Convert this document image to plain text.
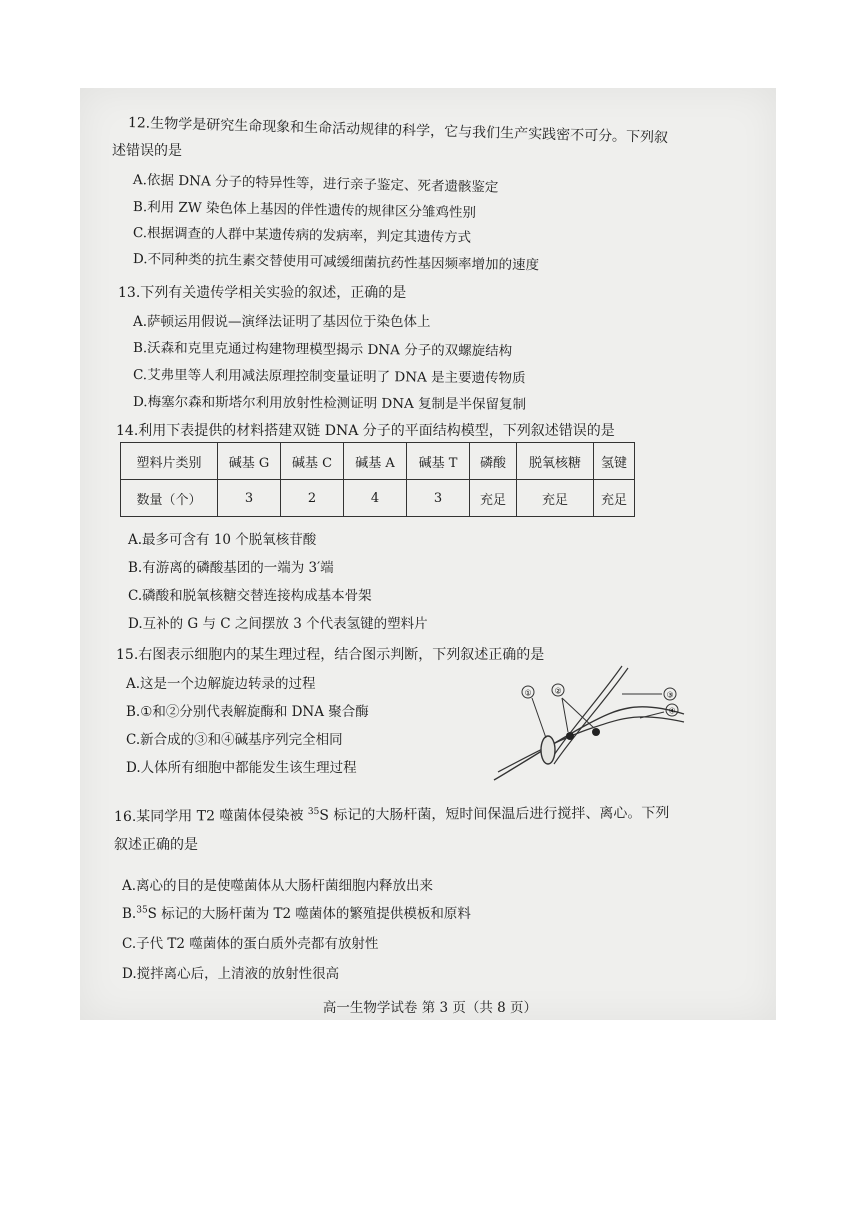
12.生物学是研究生命现象和生命活动规律的科学，它与我们生产实践密不可分。下列叙
述错误的是
A.依据 DNA 分子的特异性等，进行亲子鉴定、死者遗骸鉴定
B.利用 ZW 染色体上基因的伴性遗传的规律区分雏鸡性别
C.根据调查的人群中某遗传病的发病率，判定其遗传方式
D.不同种类的抗生素交替使用可减缓细菌抗药性基因频率增加的速度
13.下列有关遗传学相关实验的叙述，正确的是
A.萨顿运用假说—演绎法证明了基因位于染色体上
B.沃森和克里克通过构建物理模型揭示 DNA 分子的双螺旋结构
C.艾弗里等人利用减法原理控制变量证明了 DNA 是主要遗传物质
D.梅塞尔森和斯塔尔利用放射性检测证明 DNA 复制是半保留复制
14.利用下表提供的材料搭建双链 DNA 分子的平面结构模型，下列叙述错误的是
塑料片类别	碱基 G	碱基 C	碱基 A	碱基 T	磷酸	脱氧核糖	氢键
数量（个）	3	2	4	3	充足	充足	充足
A.最多可含有 10 个脱氧核苷酸
B.有游离的磷酸基团的一端为 3′端
C.磷酸和脱氧核糖交替连接构成基本骨架
D.互补的 G 与 C 之间摆放 3 个代表氢键的塑料片
15.右图表示细胞内的某生理过程，结合图示判断，下列叙述正确的是
A.这是一个边解旋边转录的过程
B.①和②分别代表解旋酶和 DNA 聚合酶
C.新合成的③和④碱基序列完全相同
D.人体所有细胞中都能发生该生理过程
①	②	③
④
16.某同学用 T2 噬菌体侵染被 $^{35}$S 标记的大肠杆菌，短时间保温后进行搅拌、离心。下列
叙述正确的是
A.离心的目的是使噬菌体从大肠杆菌细胞内释放出来
B.$^{35}$S 标记的大肠杆菌为 T2 噬菌体的繁殖提供模板和原料
C.子代 T2 噬菌体的蛋白质外壳都有放射性
D.搅拌离心后，上清液的放射性很高
高一生物学试卷 第 3 页（共 8 页）
